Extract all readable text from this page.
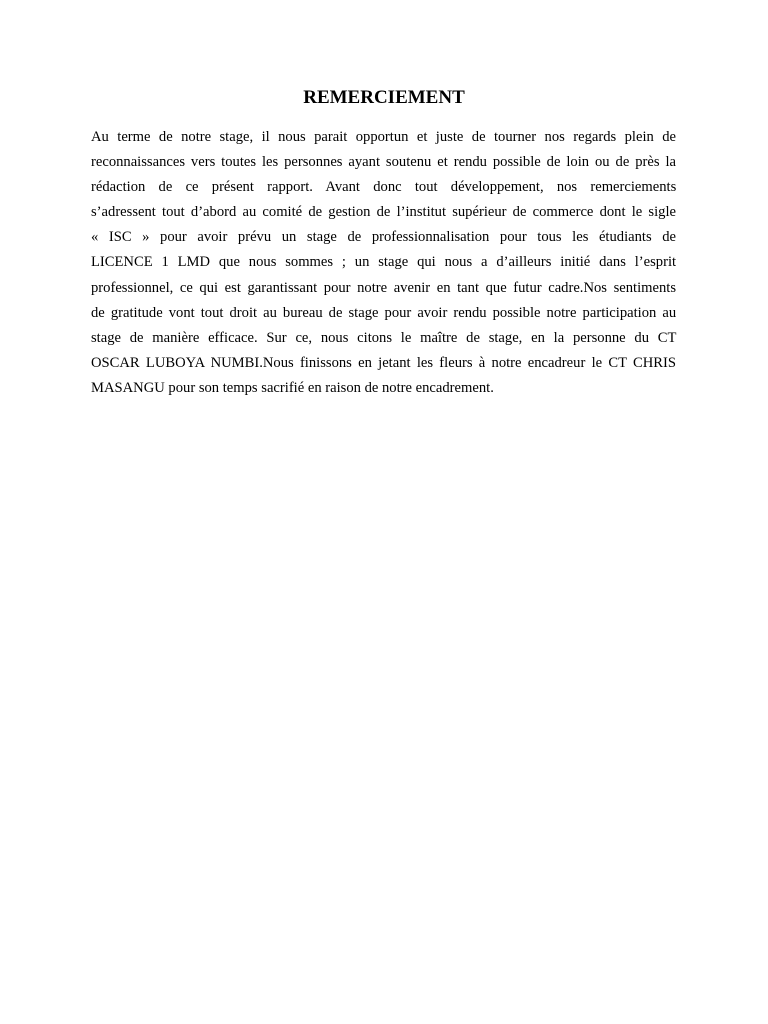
REMERCIEMENT
Au terme de notre stage, il nous parait opportun et juste de tourner nos regards plein de
reconnaissances vers toutes les personnes ayant soutenu et rendu possible de loin ou de près la
rédaction de ce présent rapport. Avant donc tout développement, nos remerciements
s’adressent tout d’abord au comité de gestion de l’institut supérieur de commerce dont le sigle
« ISC » pour avoir prévu un stage de professionnalisation pour tous les étudiants de
LICENCE 1 LMD que nous sommes ; un stage qui nous a d’ailleurs initié dans l’esprit
professionnel, ce qui est garantissant pour notre avenir en tant que futur cadre.Nos sentiments
de gratitude vont tout droit au bureau de stage pour avoir rendu possible notre participation au
stage de manière efficace. Sur ce, nous citons le maître de stage, en la personne du CT
OSCAR LUBOYA NUMBI.Nous finissons en jetant les fleurs à notre encadreur le CT CHRIS
MASANGU pour son temps sacrifié en raison de notre encadrement.
